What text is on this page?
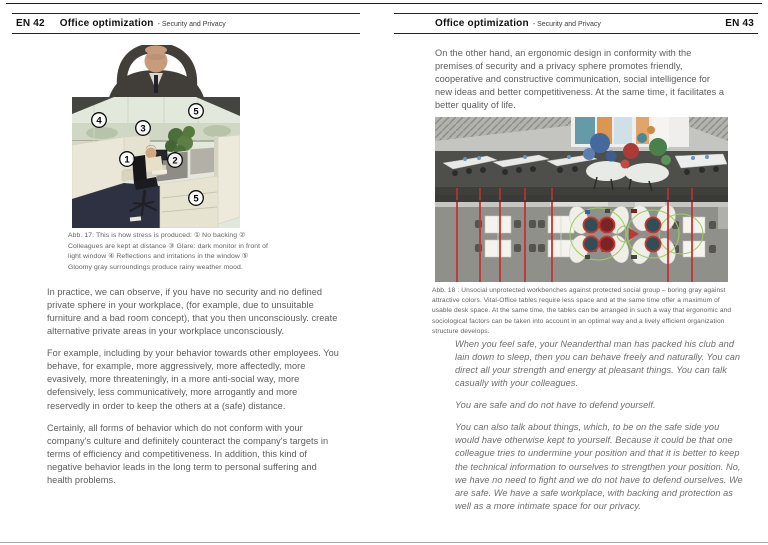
EN 42 Office optimization - Security and Privacy	Office optimization - Security and Privacy	EN 43
4
5
3
1	2
5
Abb. 17. This is how stress is produced: ① No backing ② Colleagues are kept at distance ③ Glare: dark monitor in front of light window ④ Reflections and irritations in the window ⑤ Gloomy gray surroundings produce rainy weather mood.

In practice, we can observe, if you have no security and no defined private sphere in your workplace, (for example, due to unsuitable furniture and a bad room concept), that you then unconsciously. create alternative private areas in your workplace unconsciously.

For example, including by your behavior towards other employees. You behave, for example, more aggressively, more affectedly, more evasively, more threateningly, in a more anti-social way, more defensively, less communicatively, more arrogantly and more reservedly in order to keep the others at a (safe) distance.

Certainly, all forms of behavior which do not conform with your company's culture and definitely counteract the company's targets in terms of efficiency and competitiveness. In addition, this kind of negative behavior leads in the long term to personal suffering and health problems.

On the other hand, an ergonomic design in conformity with the premises of security and a privacy sphere promotes friendly, cooperative and constructive communication, social intelligence for new ideas and better competitiveness. At the same time, it facilitates a better quality of life.
Abb. 18 : Unsocial unprotected workbenches against protected social group – boring gray against attractive colors. Vital-Office tables require less space and at the same time offer a maximum of usable desk space. At the same time, the tables can be arranged in such a way that ergonomic and sociological factors can be taken into account in an optimal way and a lively efficient organization structure develops.

When you feel safe, your Neanderthal man has packed his club and lain down to sleep, then you can behave freely and naturally. You can direct all your strength and energy at pleasant things. You can talk casually with your colleagues.

You are safe and do not have to defend yourself.

You can also talk about things, which, to be on the safe side you would have otherwise kept to yourself. Because it could be that one colleague tries to undermine your position and that it is better to keep the technical information to ourselves to strengthen your position. No, we have no need to fight and we do not have to defend ourselves. We are safe. We have a safe workplace, with backing and protection as well as a more intimate space for our privacy.
